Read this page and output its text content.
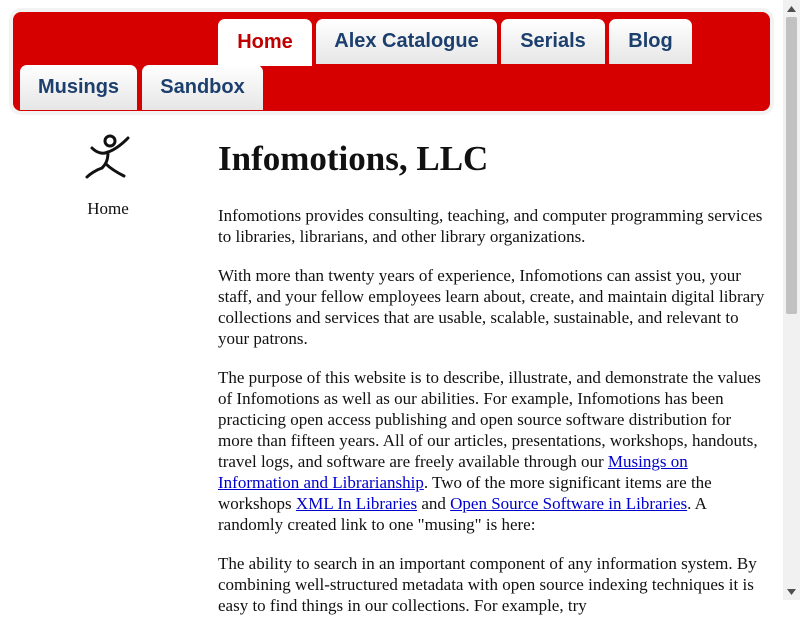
Home	Alex Catalogue	Serials	Blog
Musings	Sandbox
Home
Infomotions, LLC

Infomotions provides consulting, teaching, and computer programming services to libraries, librarians, and other library organizations.

With more than twenty years of experience, Infomotions can assist you, your staff, and your fellow employees learn about, create, and maintain digital library collections and services that are usable, scalable, sustainable, and relevant to your patrons.

The purpose of this website is to describe, illustrate, and demonstrate the values of Infomotions as well as our abilities. For example, Infomotions has been practicing open access publishing and open source software distribution for more than fifteen years. All of our articles, presentations, workshops, handouts, travel logs, and software are freely available through our Musings on Information and Librarianship. Two of the more significant items are the workshops XML In Libraries and Open Source Software in Libraries. A randomly created link to one "musing" is here:

The ability to search in an important component of any information system. By combining well-structured metadata with open source indexing techniques it is easy to find things in our collections. For example, try
